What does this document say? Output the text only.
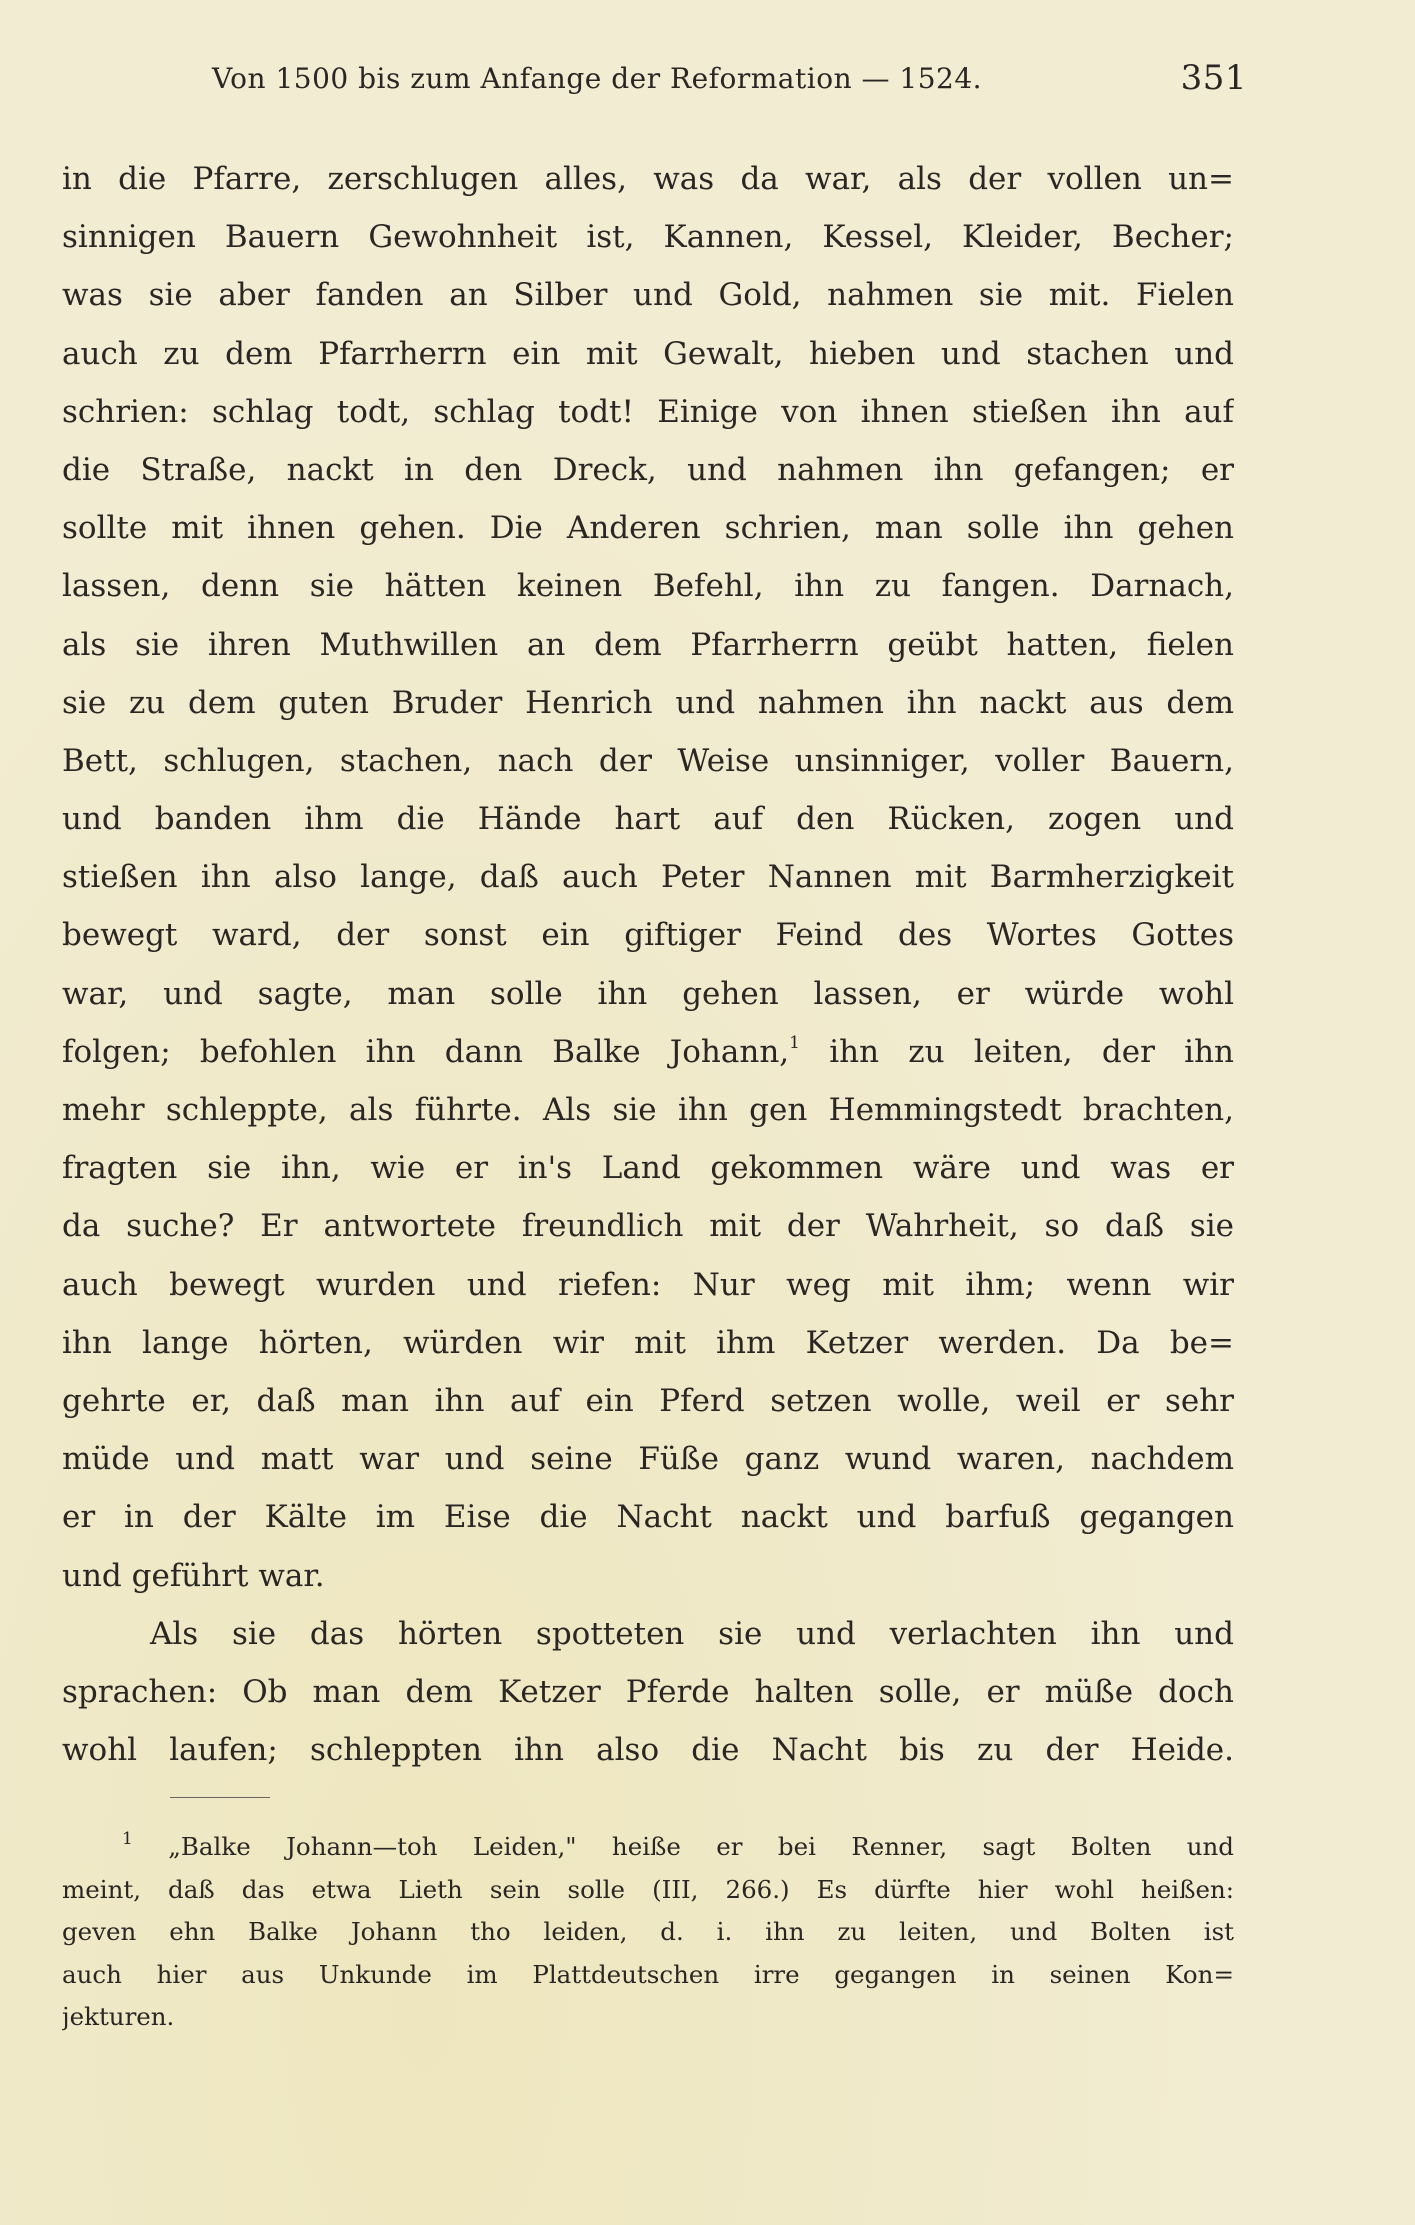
Von 1500 bis zum Anfange der Reformation — 1524.	351
in die Pfarre, zerschlugen alles, was da war, als der vollen un=
sinnigen Bauern Gewohnheit ist, Kannen, Kessel, Kleider, Becher;
was sie aber fanden an Silber und Gold, nahmen sie mit. Fielen
auch zu dem Pfarrherrn ein mit Gewalt, hieben und stachen und
schrien: schlag todt, schlag todt! Einige von ihnen stießen ihn auf
die Straße, nackt in den Dreck, und nahmen ihn gefangen; er
sollte mit ihnen gehen. Die Anderen schrien, man solle ihn gehen
lassen, denn sie hätten keinen Befehl, ihn zu fangen. Darnach,
als sie ihren Muthwillen an dem Pfarrherrn geübt hatten, fielen
sie zu dem guten Bruder Henrich und nahmen ihn nackt aus dem
Bett, schlugen, stachen, nach der Weise unsinniger, voller Bauern,
und banden ihm die Hände hart auf den Rücken, zogen und
stießen ihn also lange, daß auch Peter Nannen mit Barmherzigkeit
bewegt ward, der sonst ein giftiger Feind des Wortes Gottes
war, und sagte, man solle ihn gehen lassen, er würde wohl
folgen; befohlen ihn dann Balke Johann,$^1$ ihn zu leiten, der ihn
mehr schleppte, als führte. Als sie ihn gen Hemmingstedt brachten,
fragten sie ihn, wie er in's Land gekommen wäre und was er
da suche? Er antwortete freundlich mit der Wahrheit, so daß sie
auch bewegt wurden und riefen: Nur weg mit ihm; wenn wir
ihn lange hörten, würden wir mit ihm Ketzer werden. Da be=
gehrte er, daß man ihn auf ein Pferd setzen wolle, weil er sehr
müde und matt war und seine Füße ganz wund waren, nachdem
er in der Kälte im Eise die Nacht nackt und barfuß gegangen
und geführt war.
Als sie das hörten spotteten sie und verlachten ihn und
sprachen: Ob man dem Ketzer Pferde halten solle, er müße doch
wohl laufen; schleppten ihn also die Nacht bis zu der Heide.
$^1$ „Balke Johann—toh Leiden," heiße er bei Renner, sagt Bolten und
meint, daß das etwa Lieth sein solle (III, 266.) Es dürfte hier wohl heißen:
geven ehn Balke Johann tho leiden, d. i. ihn zu leiten, und Bolten ist
auch hier aus Unkunde im Plattdeutschen irre gegangen in seinen Kon=
jekturen.
